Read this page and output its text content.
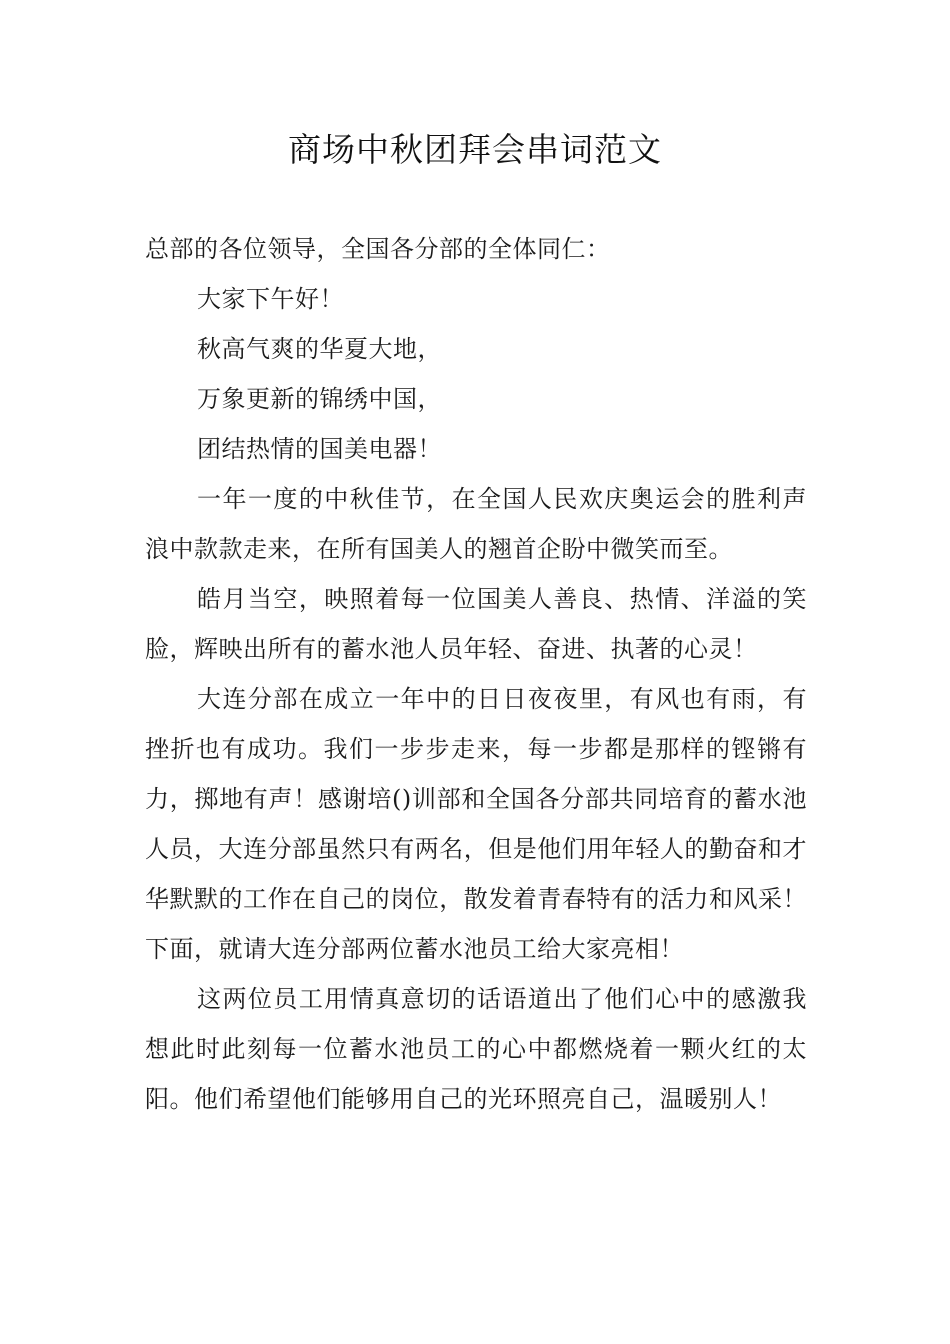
商场中秋团拜会串词范文

总部的各位领导，全国各分部的全体同仁：

大家下午好！

秋高气爽的华夏大地，

万象更新的锦绣中国，

团结热情的国美电器！

一年一度的中秋佳节，在全国人民欢庆奥运会的胜利声浪中款款走来，在所有国美人的翘首企盼中微笑而至。

皓月当空，映照着每一位国美人善良、热情、洋溢的笑脸，辉映出所有的蓄水池人员年轻、奋进、执著的心灵！

大连分部在成立一年中的日日夜夜里，有风也有雨，有挫折也有成功。我们一步步走来，每一步都是那样的铿锵有力，掷地有声！感谢培()训部和全国各分部共同培育的蓄水池人员，大连分部虽然只有两名，但是他们用年轻人的勤奋和才华默默的工作在自己的岗位，散发着青春特有的活力和风采！下面，就请大连分部两位蓄水池员工给大家亮相！

这两位员工用情真意切的话语道出了他们心中的感激我想此时此刻每一位蓄水池员工的心中都燃烧着一颗火红的太阳。他们希望他们能够用自己的光环照亮自己，温暖别人！
